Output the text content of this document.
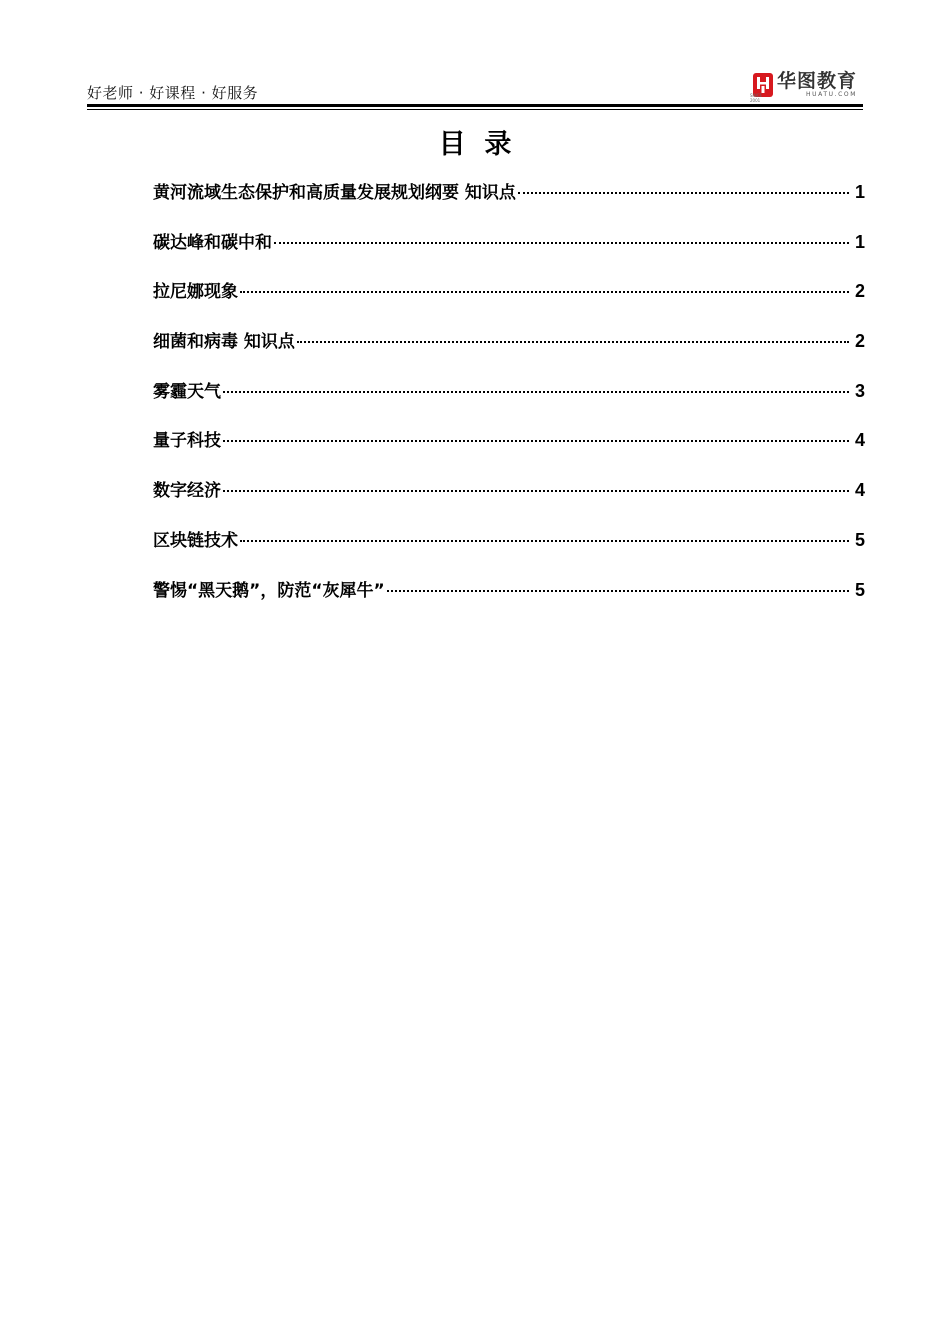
好老师 · 好课程 · 好服务	SINCE 2001
华图教育
HUATU.COM
目  录
黄河流域生态保护和高质量发展规划纲要 知识点	1
碳达峰和碳中和	1
拉尼娜现象	2
细菌和病毒 知识点	2
雾霾天气	3
量子科技	4
数字经济	4
区块链技术	5
警惕“黑天鹅”，防范“灰犀牛”	5
